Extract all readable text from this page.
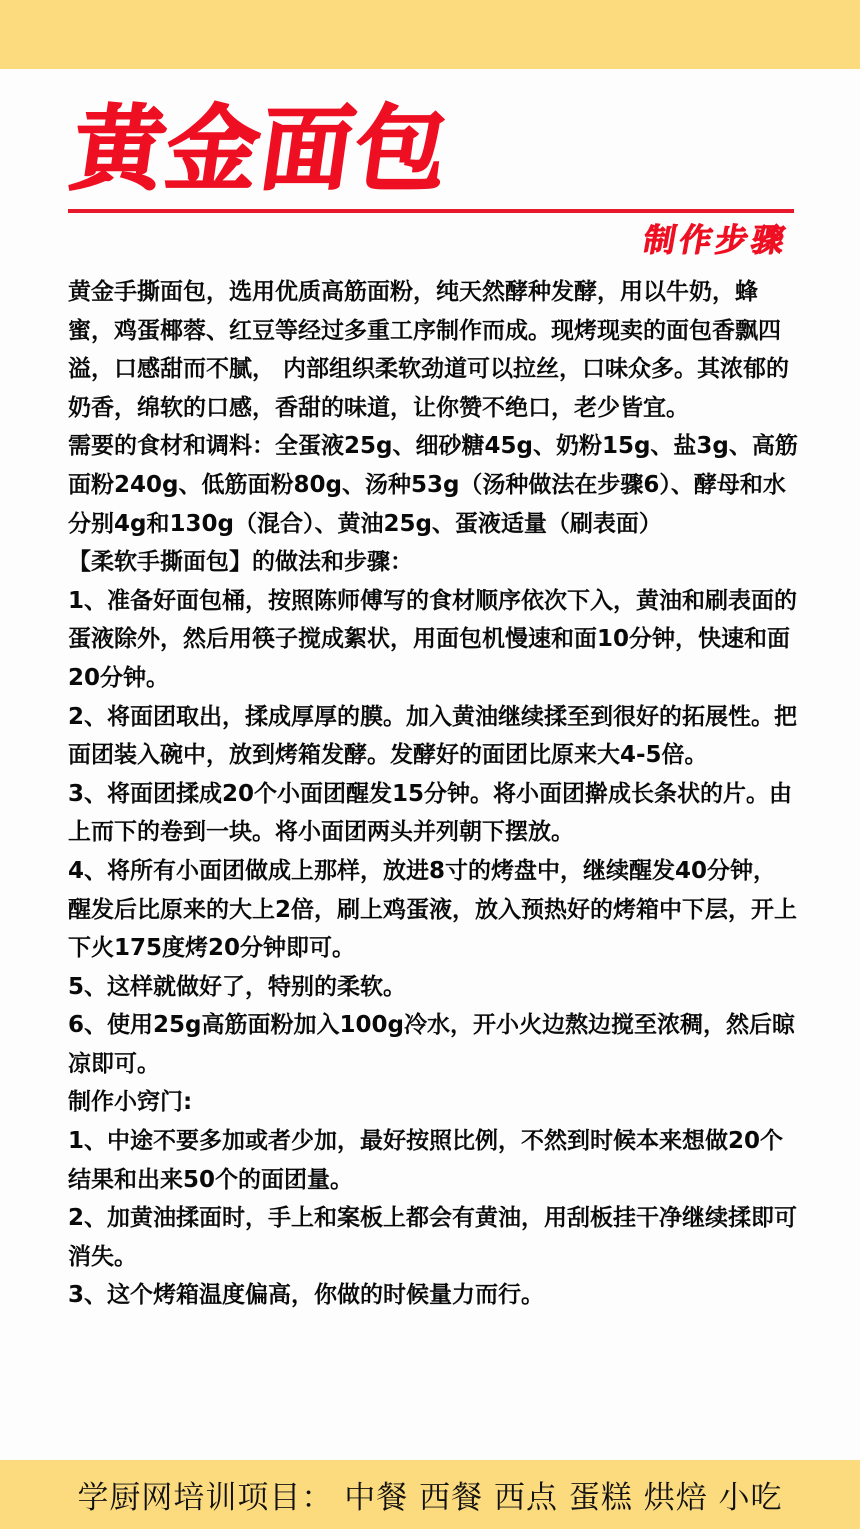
黄金面包
制作步骤

黄金手撕面包，选用优质高筋面粉，纯天然酵种发酵，用以牛奶，蜂蜜，鸡蛋椰蓉、红豆等经过多重工序制作而成。现烤现卖的面包香飘四溢，口感甜而不腻， 内部组织柔软劲道可以拉丝，口味众多。其浓郁的奶香，绵软的口感，香甜的味道，让你赞不绝口，老少皆宜。

需要的食材和调料：全蛋液25g、细砂糖45g、奶粉15g、盐3g、高筋面粉240g、低筋面粉80g、汤种53g（汤种做法在步骤6）、酵母和水分别4g和130g（混合）、黄油25g、蛋液适量（刷表面）

【柔软手撕面包】的做法和步骤：

1、准备好面包桶，按照陈师傅写的食材顺序依次下入，黄油和刷表面的蛋液除外，然后用筷子搅成絮状，用面包机慢速和面10分钟，快速和面20分钟。

2、将面团取出，揉成厚厚的膜。加入黄油继续揉至到很好的拓展性。把面团装入碗中，放到烤箱发酵。发酵好的面团比原来大4-5倍。

3、将面团揉成20个小面团醒发15分钟。将小面团擀成长条状的片。由上而下的卷到一块。将小面团两头并列朝下摆放。

4、将所有小面团做成上那样，放进8寸的烤盘中，继续醒发40分钟，醒发后比原来的大上2倍，刷上鸡蛋液，放入预热好的烤箱中下层，开上下火175度烤20分钟即可。

5、这样就做好了，特别的柔软。

6、使用25g高筋面粉加入100g冷水，开小火边熬边搅至浓稠，然后晾凉即可。

制作小窍门:

1、中途不要多加或者少加，最好按照比例，不然到时候本来想做20个结果和出来50个的面团量。

2、加黄油揉面时，手上和案板上都会有黄油，用刮板挂干净继续揉即可消失。

3、这个烤箱温度偏高，你做的时候量力而行。

学厨网培训项目： 中餐 西餐 西点 蛋糕 烘焙 小吃
